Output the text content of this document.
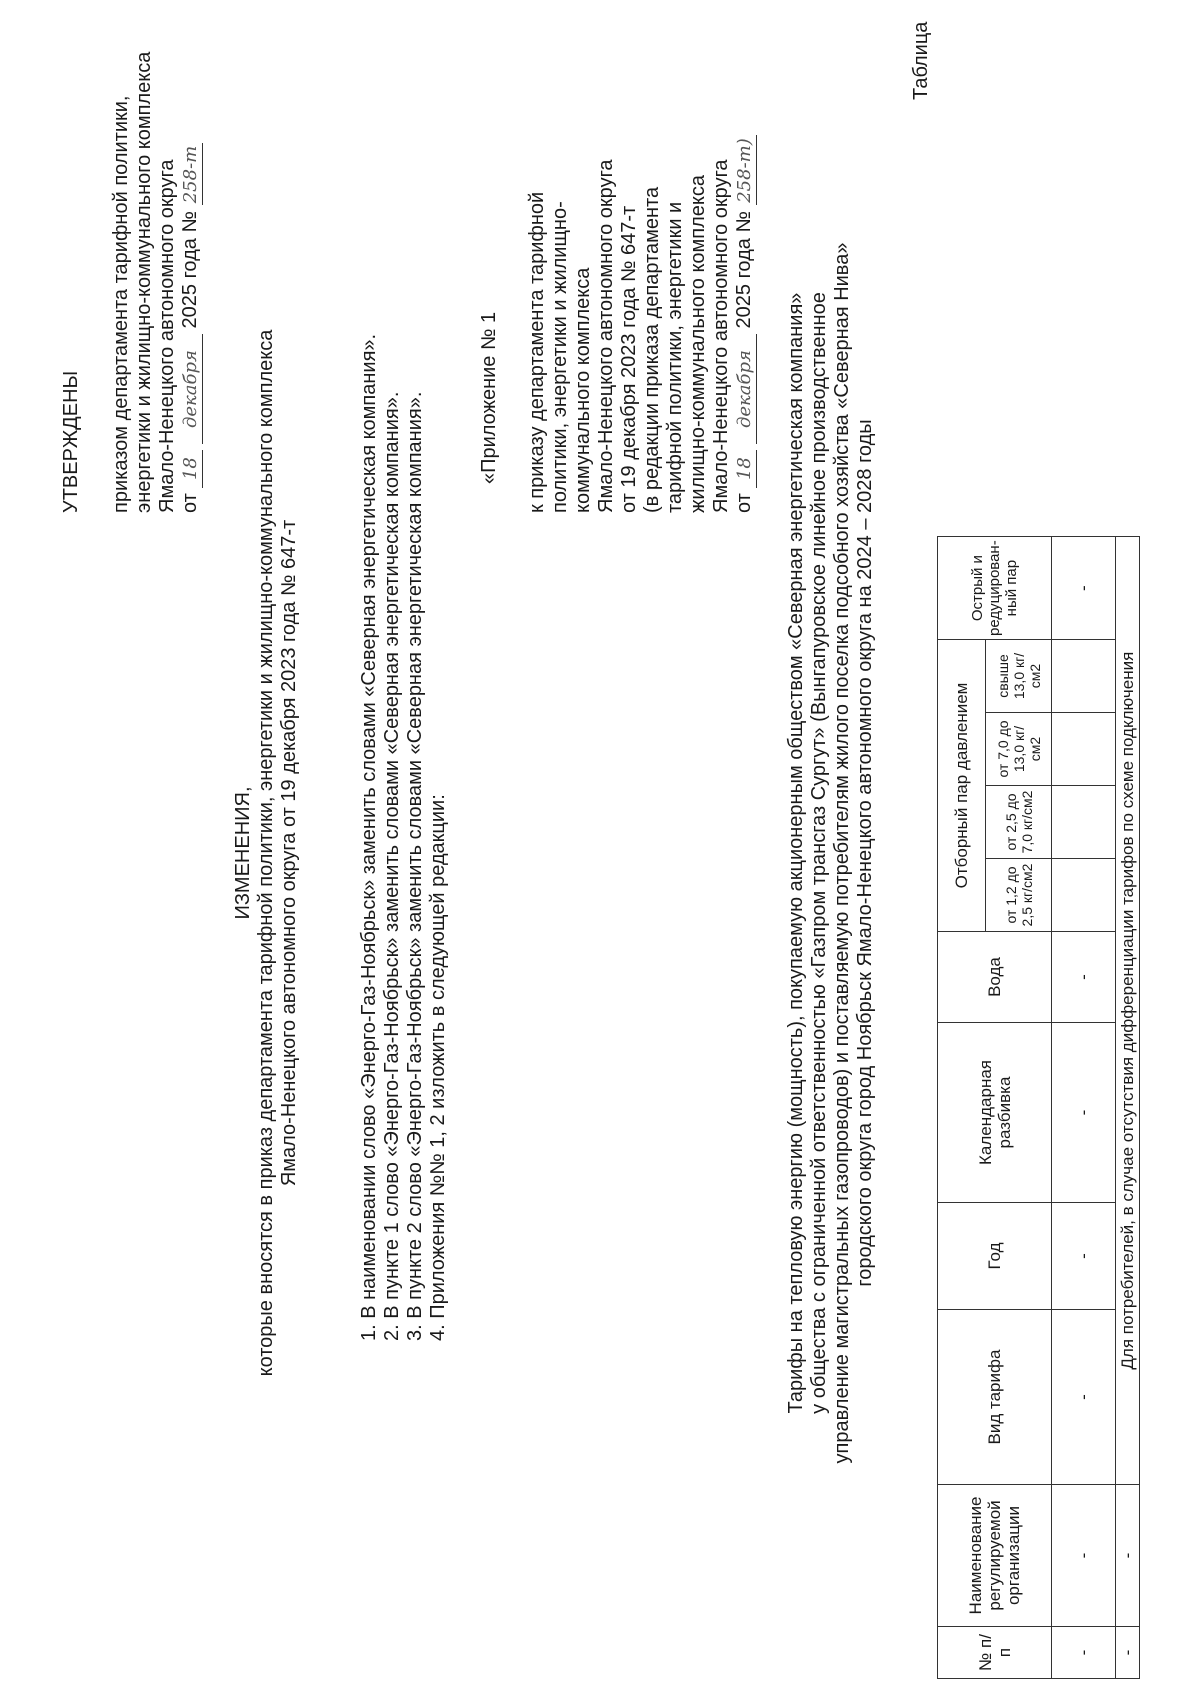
УТВЕРЖДЕНЫ приказом департамента тарифной политики, энергетики и жилищно-коммунального комплекса Ямало-Ненецкого автономного округа от 18 декабря 2025 года № 258-т
ИЗМЕНЕНИЯ, которые вносятся в приказ департамента тарифной политики, энергетики и жилищно-коммунального комплекса Ямало-Ненецкого автономного округа от 19 декабря 2023 года № 647-т	1. В наименовании слово «Энерго-Газ-Ноябрьск» заменить словами «Северная энергетическая компания». 2. В пункте 1 слово «Энерго-Газ-Ноябрьск» заменить словами «Северная энергетическая компания». 3. В пункте 2 слово «Энерго-Газ-Ноябрьск» заменить словами «Северная энергетическая компания». 4. Приложения №№ 1, 2 изложить в следующей редакции:
«Приложение № 1 к приказу департамента тарифной политики, энергетики и жилищно- коммунального комплекса Ямало-Ненецкого автономного округа от 19 декабря 2023 года № 647-т (в редакции приказа департамента тарифной политики, энергетики и жилищно-коммунального комплекса Ямало-Ненецкого автономного округа от 18 декабря 2025 года № 258-т)
Тарифы на тепловую энергию (мощность), покупаемую акционерным обществом «Северная энергетическая компания» у общества с ограниченной ответственностью «Газпром трансгаз Сургут» (Вынгапуровское линейное производственное управление магистральных газопроводов) и поставляемую потребителям жилого поселка подсобного хозяйства «Северная Нива» городского округа город Ноябрьск Ямало-Ненецкого автономного округа на 2024 – 2028 годы
Таблица
№ п/п	Наименование регулируемой организации	Вид тарифа	Год	Календарная разбивка	Вода	Отборный пар давлением				Острый и редуцирован- ный пар
						от 1,2 до 2,5 кг/см2	от 2,5 до 7,0 кг/см2	от 7,0 до 13,0 кг/см2	свыше 13,0 кг/см2	
-	-	-	-	-	-					-
-	-	Для потребителей, в случае отсутствия дифференциации тарифов по схеме подключения								
